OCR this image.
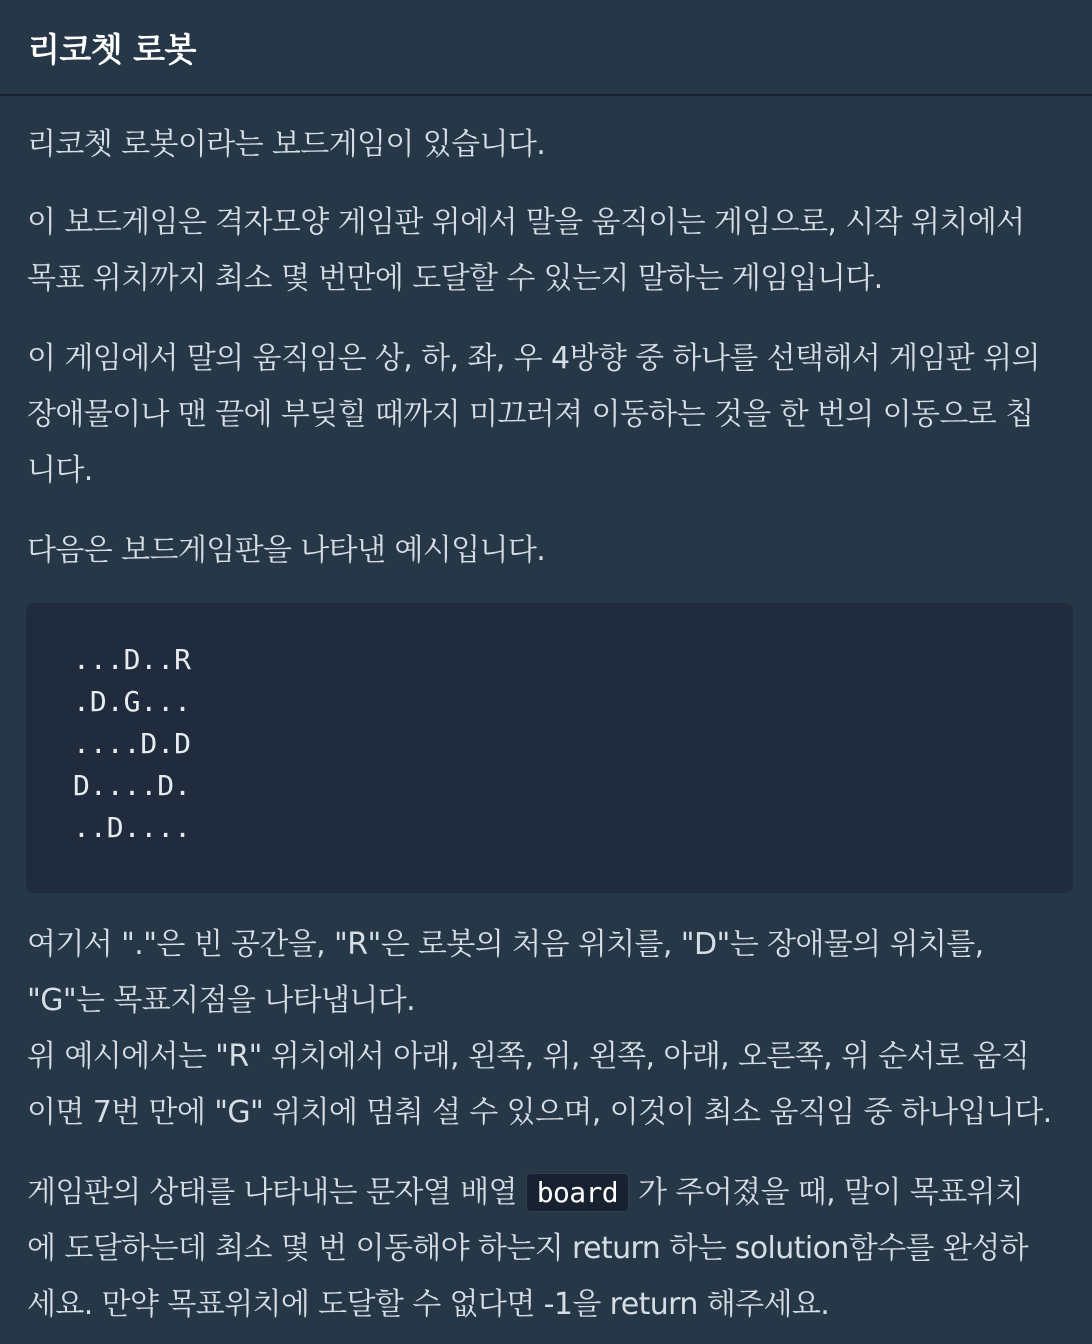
리코쳇 로봇

리코쳇 로봇이라는 보드게임이 있습니다.

이 보드게임은 격자모양 게임판 위에서 말을 움직이는 게임으로, 시작 위치에서
목표 위치까지 최소 몇 번만에 도달할 수 있는지 말하는 게임입니다.

이 게임에서 말의 움직임은 상, 하, 좌, 우 4방향 중 하나를 선택해서 게임판 위의
장애물이나 맨 끝에 부딪힐 때까지 미끄러져 이동하는 것을 한 번의 이동으로 칩
니다.

다음은 보드게임판을 나타낸 예시입니다.

...D..R
.D.G...
....D.D
D....D.
..D....

여기서 "."은 빈 공간을, "R"은 로봇의 처음 위치를, "D"는 장애물의 위치를,
"G"는 목표지점을 나타냅니다.
위 예시에서는 "R" 위치에서 아래, 왼쪽, 위, 왼쪽, 아래, 오른쪽, 위 순서로 움직
이면 7번 만에 "G" 위치에 멈춰 설 수 있으며, 이것이 최소 움직임 중 하나입니다.

게임판의 상태를 나타내는 문자열 배열 board 가 주어졌을 때, 말이 목표위치
에 도달하는데 최소 몇 번 이동해야 하는지 return 하는 solution함수를 완성하
세요. 만약 목표위치에 도달할 수 없다면 -1을 return 해주세요.
